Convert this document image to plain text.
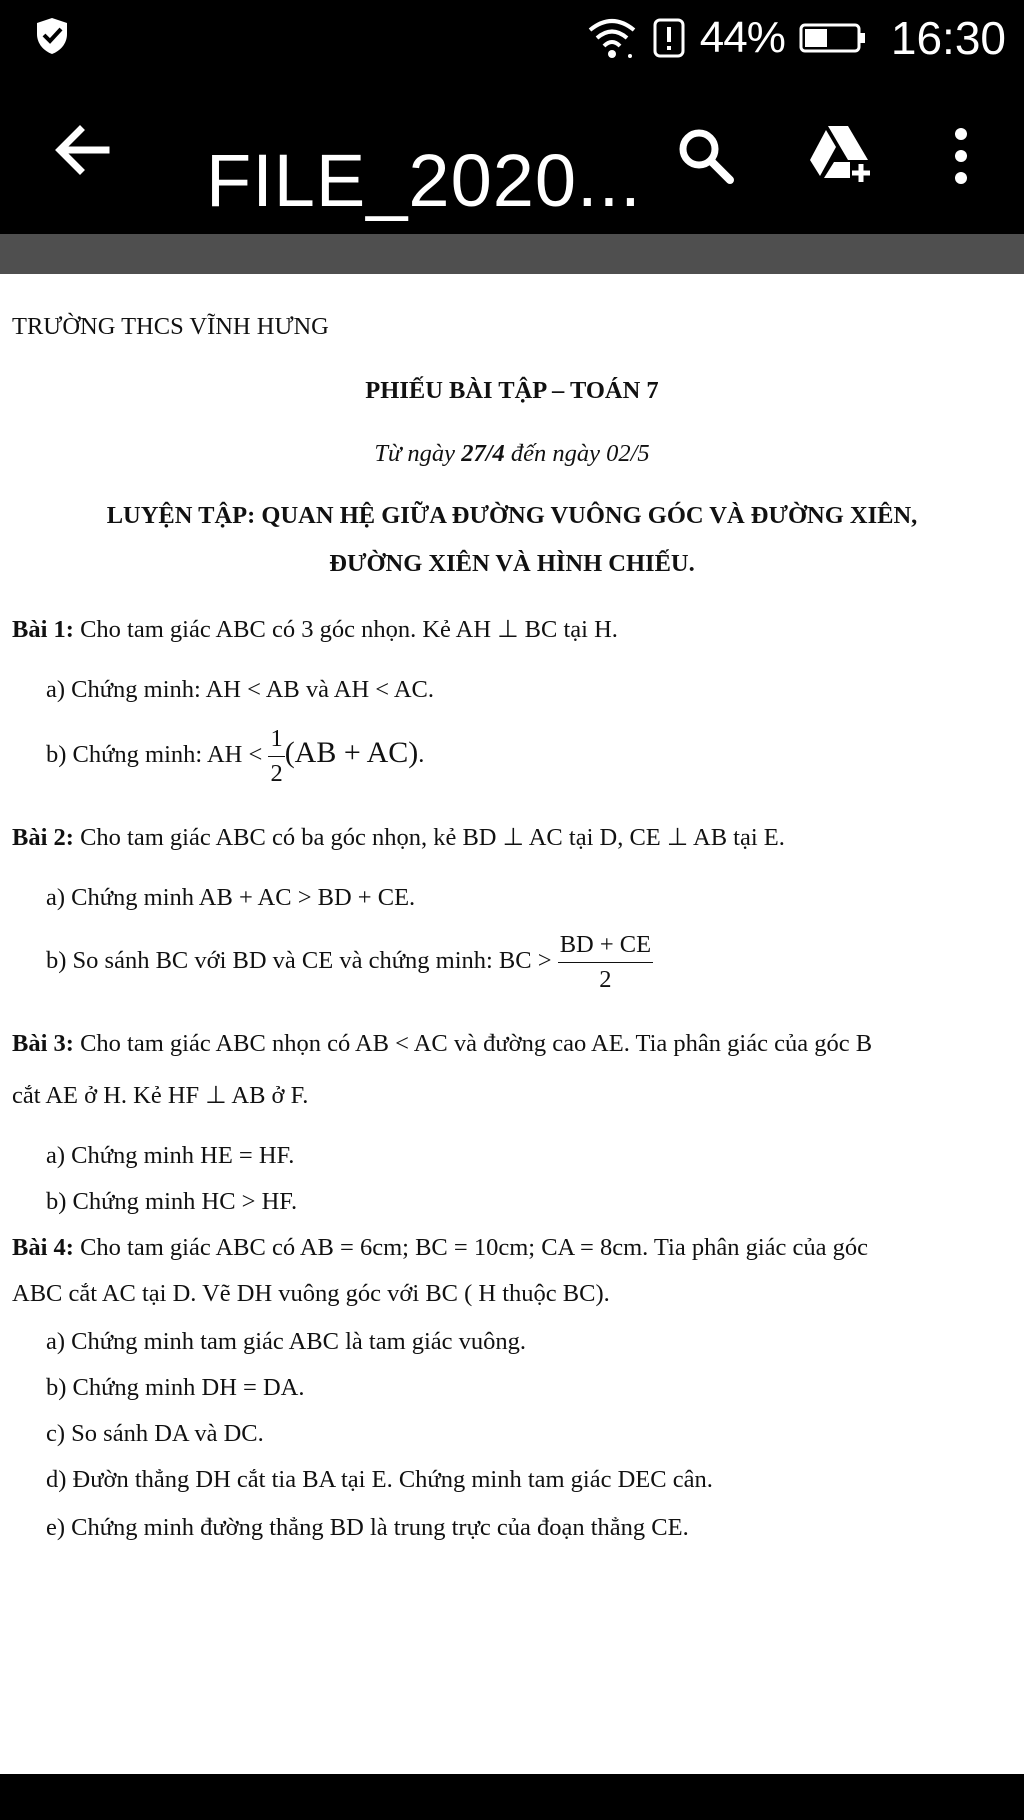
44% 16:30
FILE_2020...
TRƯỜNG THCS VĨNH HƯNG
PHIẾU BÀI TẬP – TOÁN 7
Từ ngày 27/4 đến ngày 02/5
LUYỆN TẬP: QUAN HỆ GIỮA ĐƯỜNG VUÔNG GÓC VÀ ĐƯỜNG XIÊN,
ĐƯỜNG XIÊN VÀ HÌNH CHIẾU.
Bài 1: Cho tam giác ABC có 3 góc nhọn. Kẻ AH ⊥ BC tại H.
a) Chứng minh: AH < AB và AH < AC.
b) Chứng minh: AH < $\frac{1}{2} (AB + AC)$.
Bài 2: Cho tam giác ABC có ba góc nhọn, kẻ BD ⊥ AC tại D, CE ⊥ AB tại E.
a) Chứng minh AB + AC > BD + CE.
b) So sánh BC với BD và CE và chứng minh: BC > $\frac{BD + CE}{2}$
Bài 3: Cho tam giác ABC nhọn có AB < AC và đường cao AE. Tia phân giác của góc B
cắt AE ở H. Kẻ HF ⊥ AB ở F.
a) Chứng minh HE = HF.
b) Chứng minh HC > HF.
Bài 4: Cho tam giác ABC có AB = 6cm; BC = 10cm; CA = 8cm. Tia phân giác của góc
ABC cắt AC tại D. Vẽ DH vuông góc với BC ( H thuộc BC).
a) Chứng minh tam giác ABC là tam giác vuông.
b) Chứng minh DH = DA.
c) So sánh DA và DC.
d) Đườn thẳng DH cắt tia BA tại E. Chứng minh tam giác DEC cân.
e) Chứng minh đường thẳng BD là trung trực của đoạn thẳng CE.
